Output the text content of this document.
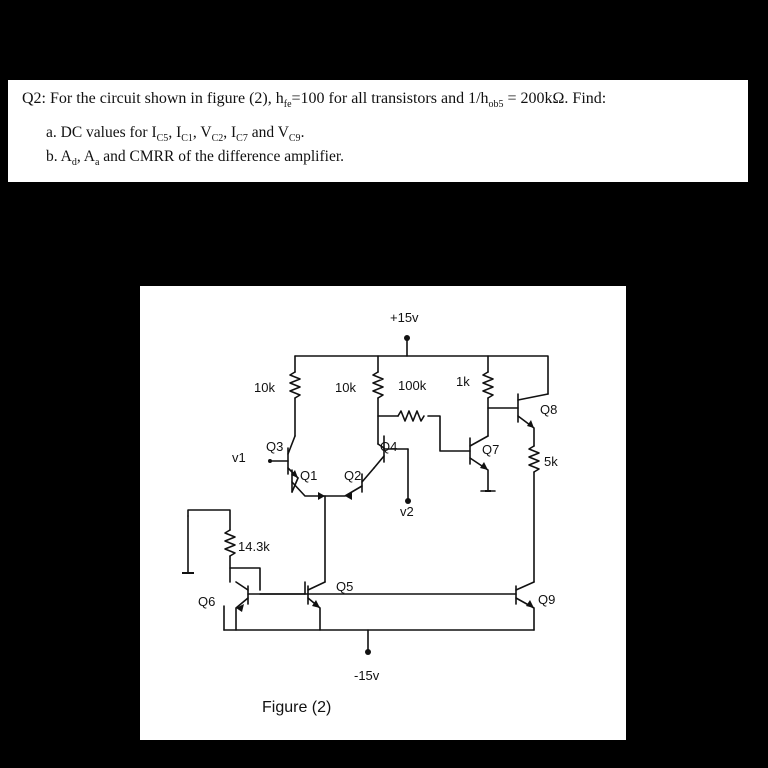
Q2: For the circuit shown in figure (2), $h_{fe}=100$ for all transistors and $1/h_{ob5} = 200k\Omega$. Find:
a. DC values for $I_{C5}$, $I_{C1}$, $V_{C2}$, $I_{C7}$ and $V_{C9}$.
b. $A_d$, $A_a$ and CMRR of the difference amplifier.
+15v
10k	10k	100k 1k
5k
14.3k
Q3
Q1 Q2
Q4
Q5
Q6
Q7
Q8
Q9
v1
v2
-15v
Figure (2)
